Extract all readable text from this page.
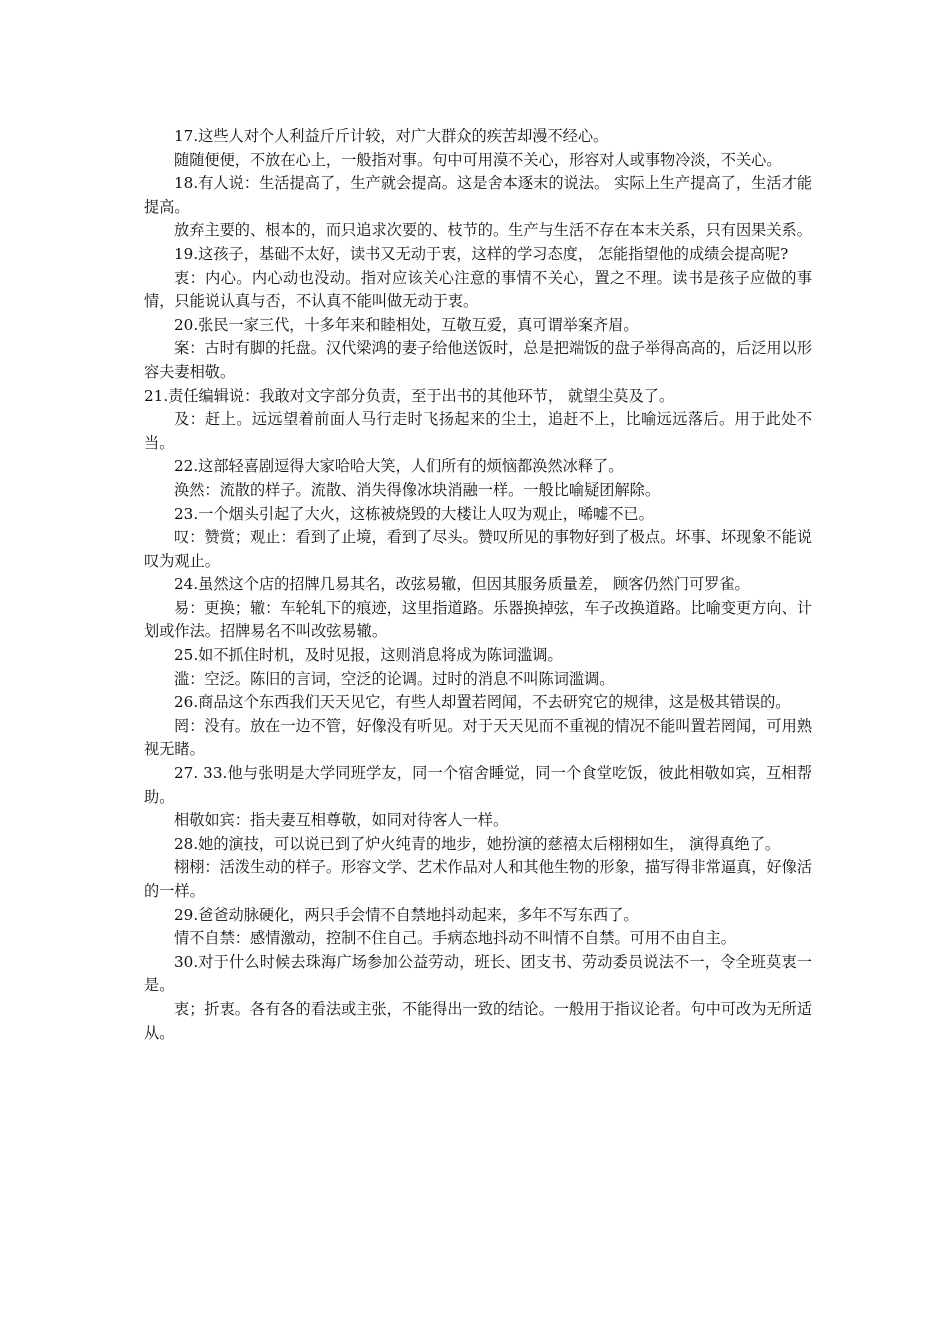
17.这些人对个人利益斤斤计较，对广大群众的疾苦却漫不经心。

随随便便，不放在心上，一般指对事。句中可用漠不关心，形容对人或事物冷淡，不关心。

18.有人说：生活提高了，生产就会提高。这是舍本逐末的说法。 实际上生产提高了，生活才能提高。

放弃主要的、根本的，而只追求次要的、枝节的。生产与生活不存在本末关系，只有因果关系。

19.这孩子，基础不太好，读书又无动于衷，这样的学习态度， 怎能指望他的成绩会提高呢?

衷：内心。内心动也没动。指对应该关心注意的事情不关心，置之不理。读书是孩子应做的事情，只能说认真与否，不认真不能叫做无动于衷。

20.张民一家三代，十多年来和睦相处，互敬互爱，真可谓举案齐眉。

案：古时有脚的托盘。汉代梁鸿的妻子给他送饭时，总是把端饭的盘子举得高高的，后泛用以形容夫妻相敬。

21.责任编辑说：我敢对文字部分负责，至于出书的其他环节， 就望尘莫及了。

及：赶上。远远望着前面人马行走时飞扬起来的尘土，追赶不上，比喻远远落后。用于此处不当。

22.这部轻喜剧逗得大家哈哈大笑，人们所有的烦恼都涣然冰释了。

涣然：流散的样子。流散、消失得像冰块消融一样。一般比喻疑团解除。

23.一个烟头引起了大火，这栋被烧毁的大楼让人叹为观止，唏嘘不已。

叹：赞赏；观止：看到了止境，看到了尽头。赞叹所见的事物好到了极点。坏事、坏现象不能说叹为观止。

24.虽然这个店的招牌几易其名，改弦易辙，但因其服务质量差， 顾客仍然门可罗雀。

易：更换；辙：车轮轧下的痕迹，这里指道路。乐器换掉弦，车子改换道路。比喻变更方向、计划或作法。招牌易名不叫改弦易辙。

25.如不抓住时机，及时见报，这则消息将成为陈词滥调。

滥：空泛。陈旧的言词，空泛的论调。过时的消息不叫陈词滥调。

26.商品这个东西我们天天见它，有些人却置若罔闻，不去研究它的规律，这是极其错误的。

罔：没有。放在一边不管，好像没有听见。对于天天见而不重视的情况不能叫置若罔闻，可用熟视无睹。

27. 33.他与张明是大学同班学友，同一个宿舍睡觉，同一个食堂吃饭，彼此相敬如宾，互相帮助。

相敬如宾：指夫妻互相尊敬，如同对待客人一样。

28.她的演技，可以说已到了炉火纯青的地步，她扮演的慈禧太后栩栩如生， 演得真绝了。

栩栩：活泼生动的样子。形容文学、艺术作品对人和其他生物的形象，描写得非常逼真，好像活的一样。

29.爸爸动脉硬化，两只手会情不自禁地抖动起来，多年不写东西了。

情不自禁：感情激动，控制不住自己。手病态地抖动不叫情不自禁。可用不由自主。

30.对于什么时候去珠海广场参加公益劳动，班长、团支书、劳动委员说法不一，令全班莫衷一是。

衷；折衷。各有各的看法或主张，不能得出一致的结论。一般用于指议论者。句中可改为无所适从。
